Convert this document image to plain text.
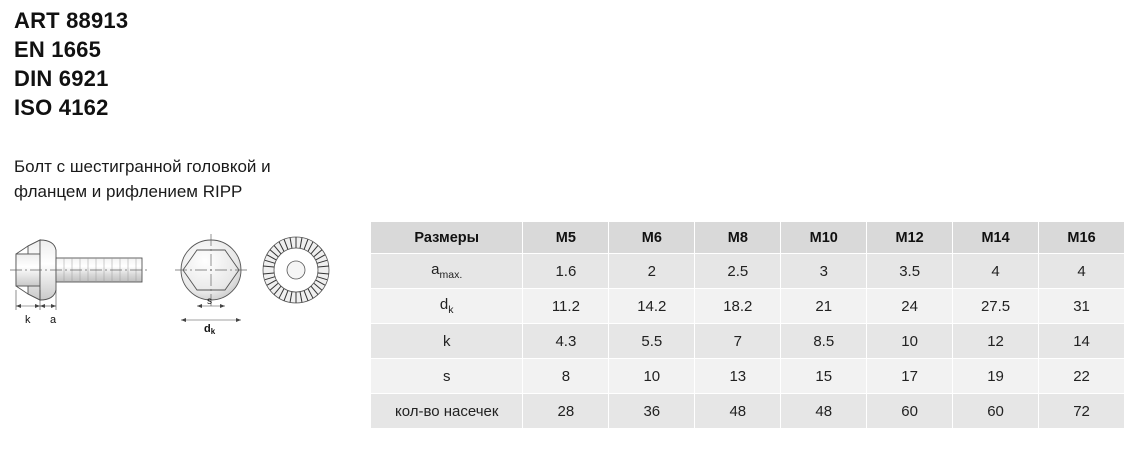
ART 88913
EN 1665
DIN 6921
ISO 4162
Болт с шестигранной головкой и фланцем и рифлением RIPP
k a
s
dk
Размеры	M5	M6	M8	M10	M12	M14	M16
$a_{max.}$	1.6	2	2.5	3	3.5	4	4
$d_k$	11.2	14.2	18.2	21	24	27.5	31
k	4.3	5.5	7	8.5	10	12	14
s	8	10	13	15	17	19	22
кол-во насечек	28	36	48	48	60	60	72
